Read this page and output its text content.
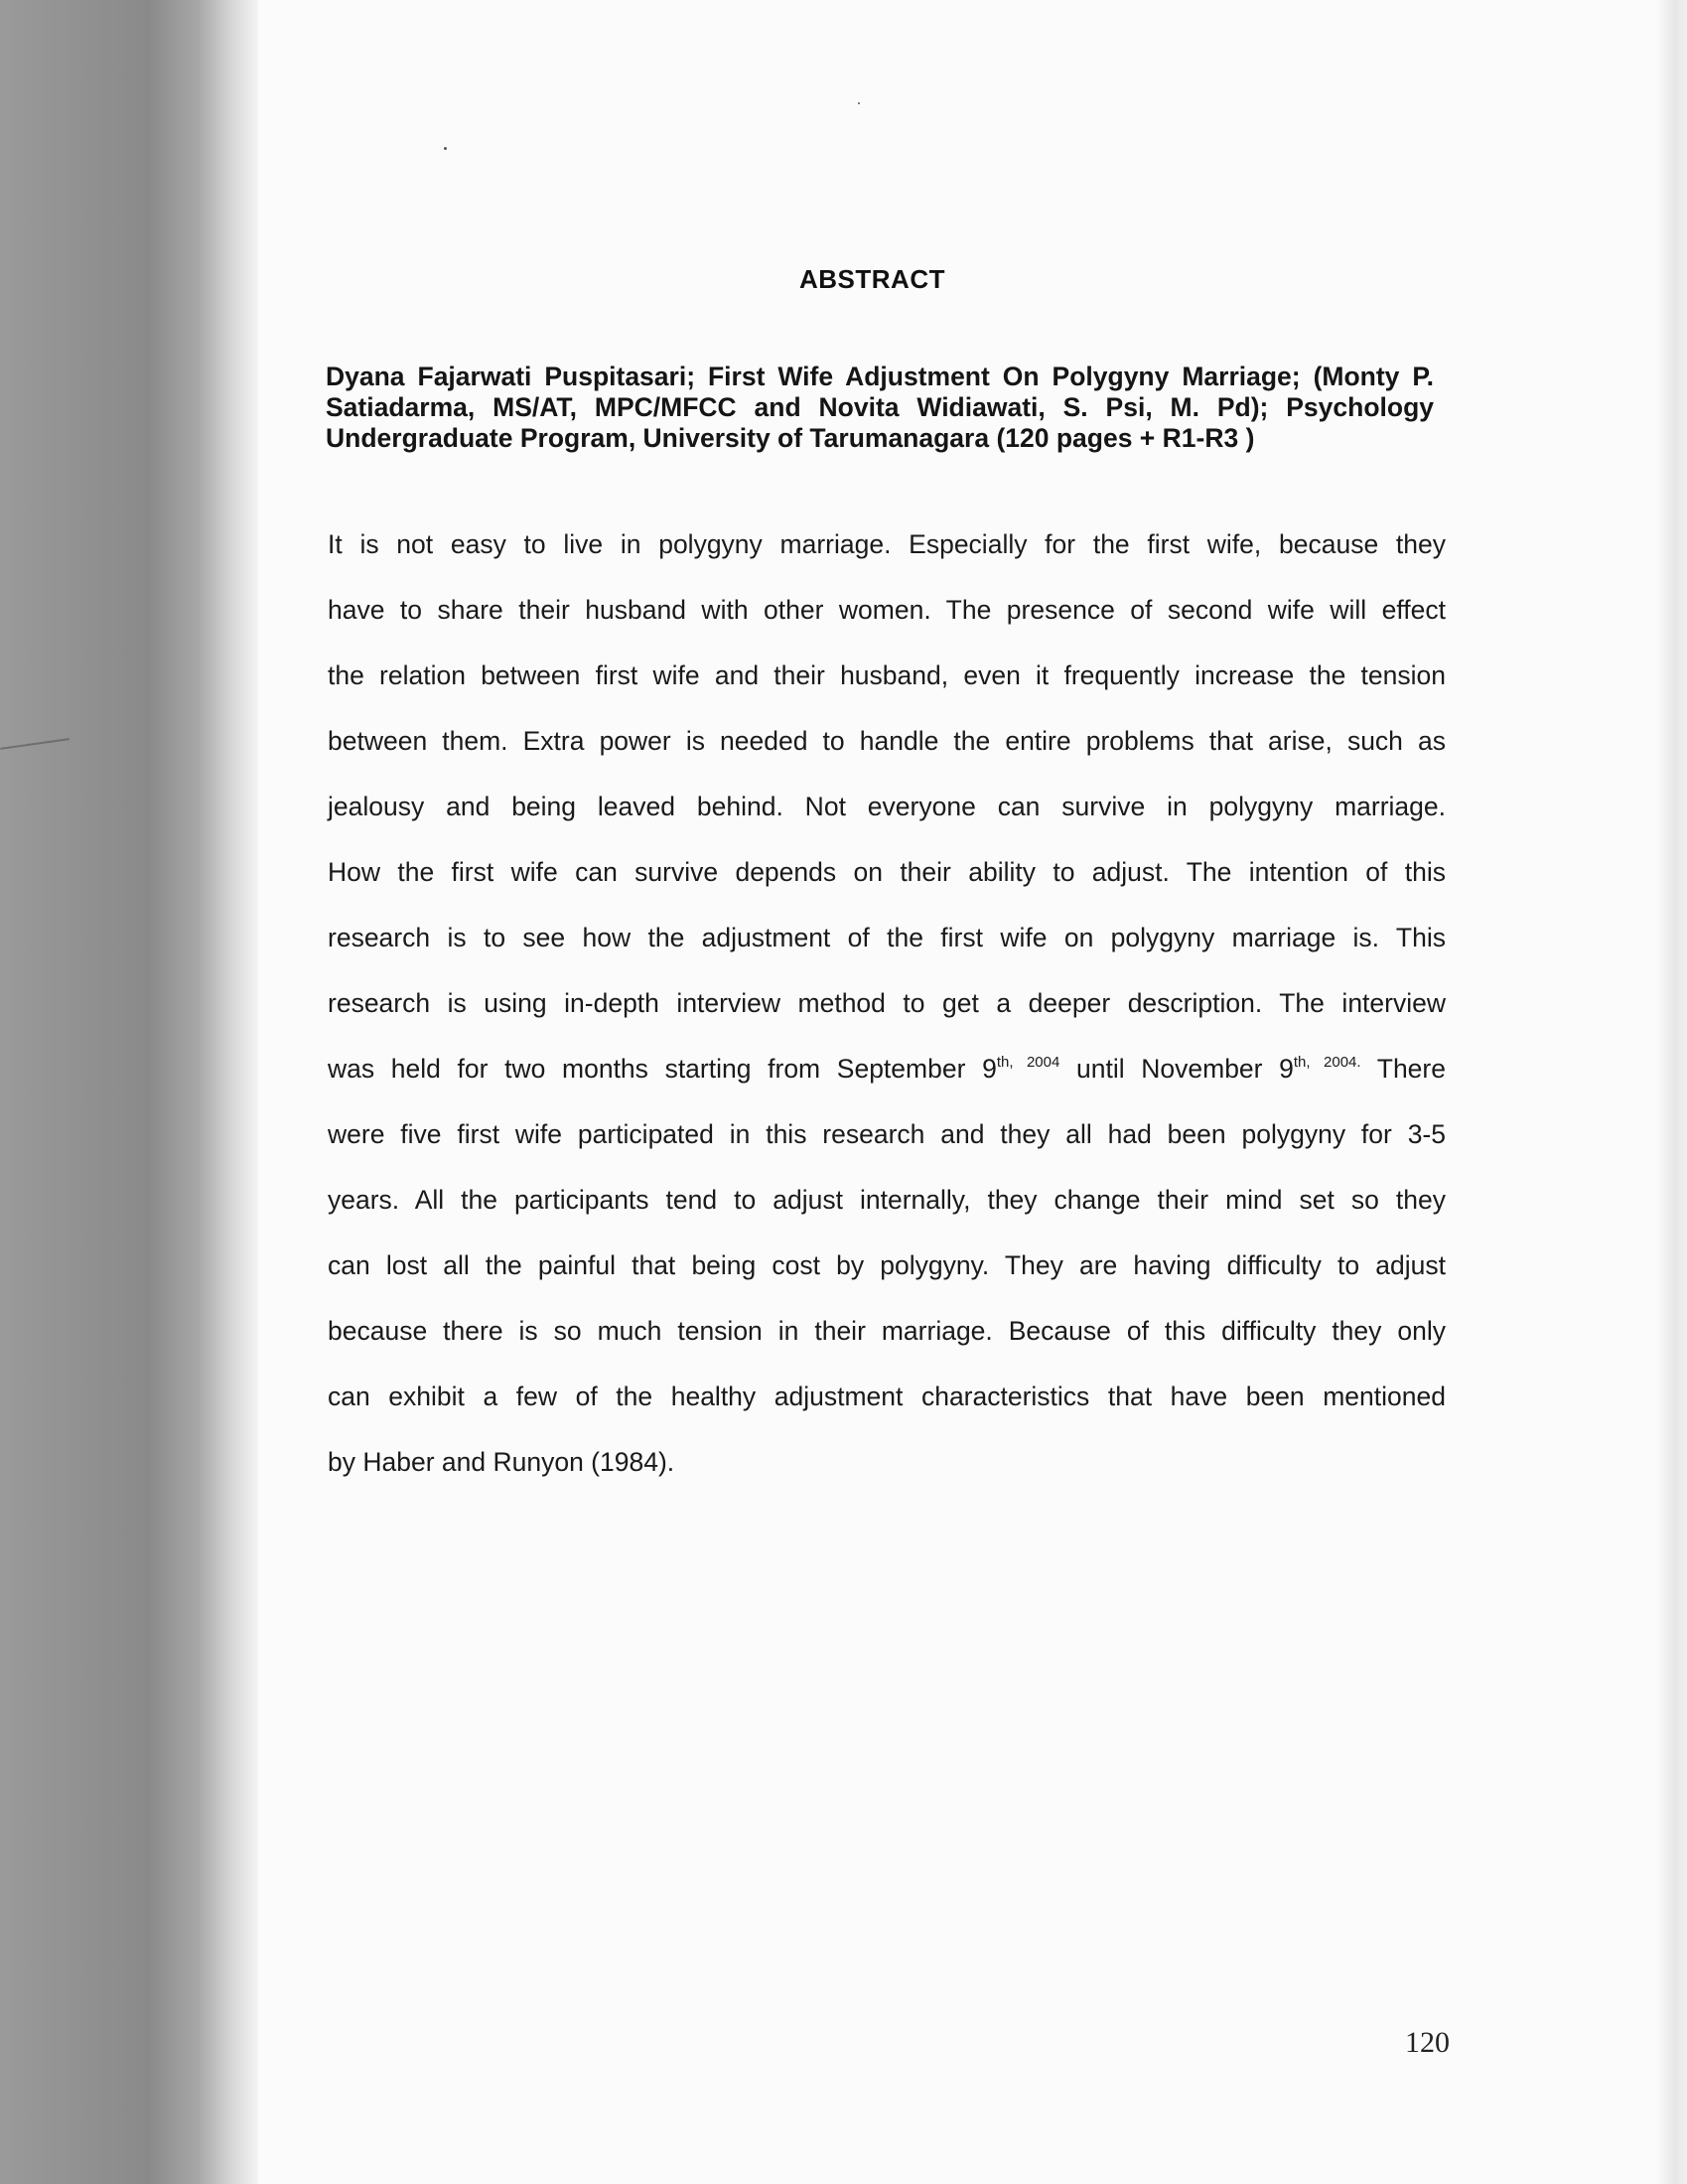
ABSTRACT
Dyana Fajarwati Puspitasari; First Wife Adjustment On Polygyny Marriage; (Monty P. Satiadarma, MS/AT, MPC/MFCC and Novita Widiawati, S. Psi, M. Pd); Psychology Undergraduate Program, University of Tarumanagara (120 pages + R1-R3 )
It is not easy to live in polygyny marriage. Especially for the first wife, because they
have to share their husband with other women. The presence of second wife will effect
the relation between first wife and their husband, even it frequently increase the tension
between them. Extra power is needed to handle the entire problems that arise, such as
jealousy and being leaved behind. Not everyone can survive in polygyny marriage.
How the first wife can survive depends on their ability to adjust. The intention of this
research is to see how the adjustment of the first wife on polygyny marriage is. This
research is using in-depth interview method to get a deeper description. The interview
was held for two months starting from September $9^{th, 2004}$ until November $9^{th, 2004.}$ There
were five first wife participated in this research and they all had been polygyny for 3-5
years. All the participants tend to adjust internally, they change their mind set so they
can lost all the painful that being cost by polygyny. They are having difficulty to adjust
because there is so much tension in their marriage. Because of this difficulty they only
can exhibit a few of the healthy adjustment characteristics that have been mentioned
by Haber and Runyon (1984).
120
